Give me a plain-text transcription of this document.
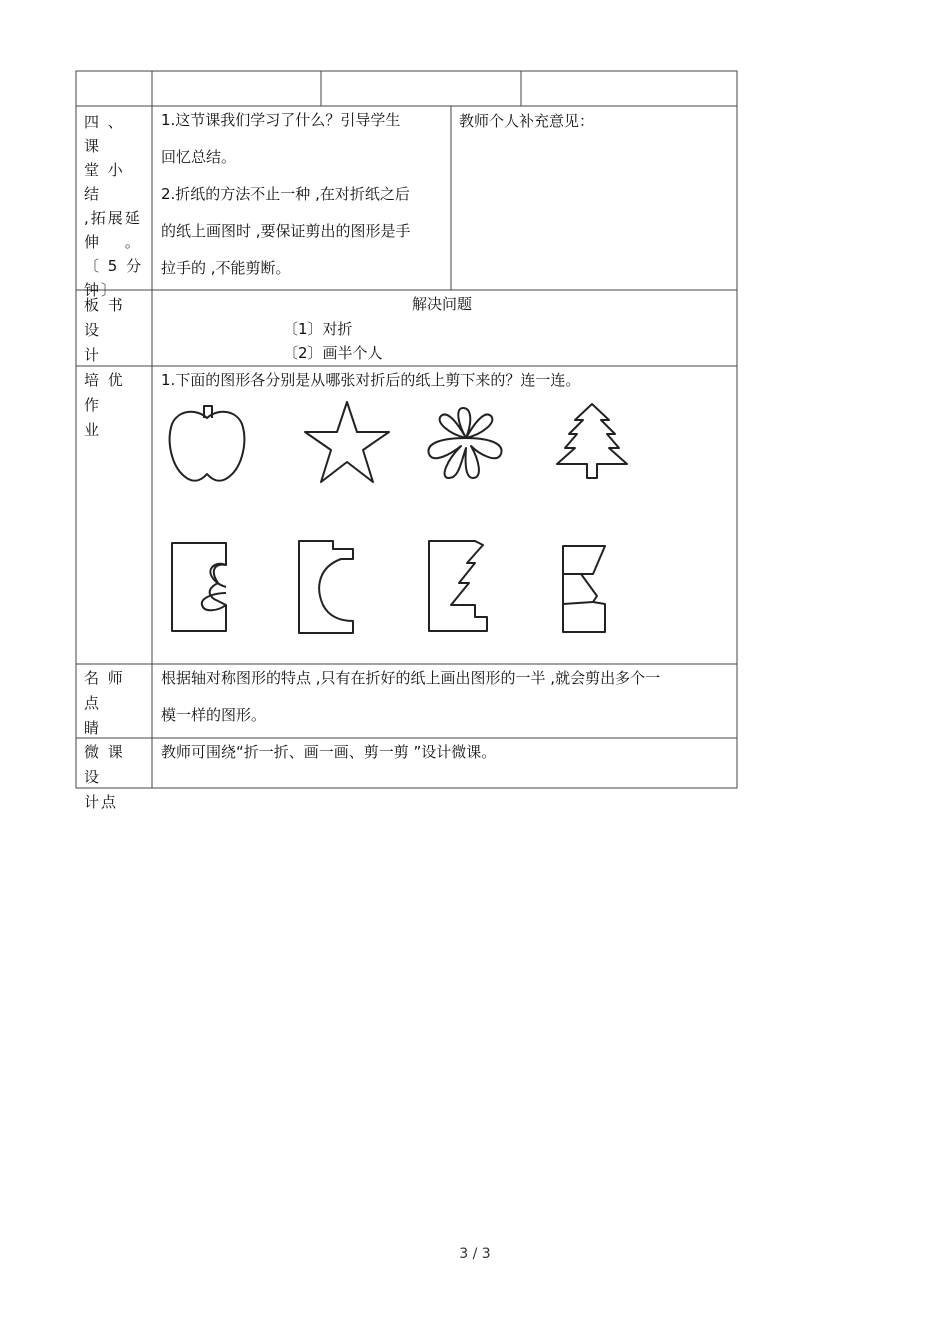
四 、 课
堂 小 结
,拓展延
伸　 。
〔 5 分
钟〕
1.这节课我们学习了什么？引导学生
回忆总结。
2.折纸的方法不止一种 ,在对折纸之后
的纸上画图时 ,要保证剪出的图形是手
拉手的 ,不能剪断。
教师个人补充意见：
板 书 设
计
解决问题
〔1〕对折
〔2〕画半个人
培 优 作
业
1.下面的图形各分别是从哪张对折后的纸上剪下来的？连一连。
名 师 点
睛
根据轴对称图形的特点 ,只有在折好的纸上画出图形的一半 ,就会剪出多个一
模一样的图形。
微 课 设
计点
教师可围绕“折一折、画一画、剪一剪 ”设计微课。
3 / 3
